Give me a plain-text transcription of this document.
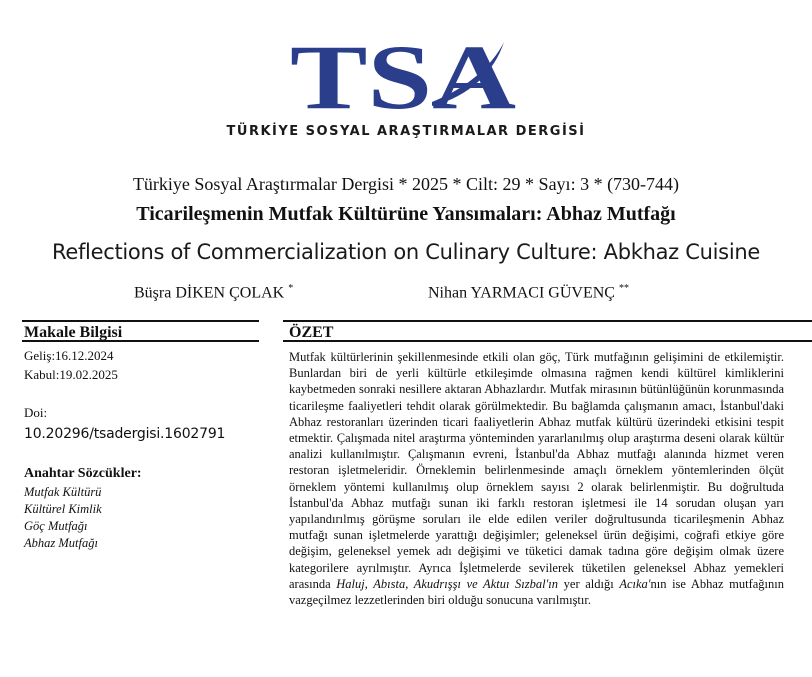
TSA
TÜRKİYE SOSYAL ARAŞTIRMALAR DERGİSİ
Türkiye Sosyal Araştırmalar Dergisi * 2025 * Cilt: 29 * Sayı: 3 * (730-744)
Ticarileşmenin Mutfak Kültürüne Yansımaları: Abhaz Mutfağı
Reflections of Commercialization on Culinary Culture: Abkhaz Cuisine
Büşra DİKEN ÇOLAK *	Nihan YARMACI GÜVENÇ **
Makale Bilgisi	ÖZET
Geliş:16.12.2024
Kabul:19.02.2025
Doi:
10.20296/tsadergisi.1602791
Anahtar Sözcükler:
Mutfak Kültürü
Kültürel Kimlik
Göç Mutfağı
Abhaz Mutfağı

Mutfak kültürlerinin şekillenmesinde etkili olan göç, Türk mutfağının gelişimini de etkilemiştir. Bunlardan biri de yerli kültürle etkileşimde olmasına rağmen kendi kültürel kimliklerini kaybetmeden sonraki nesillere aktaran Abhazlardır. Mutfak mirasının bütünlüğünün korunmasında ticarileşme faaliyetleri tehdit olarak görülmektedir. Bu bağlamda çalışmanın amacı, İstanbul'daki Abhaz restoranları üzerinden ticari faaliyetlerin Abhaz mutfak kültürü üzerindeki etkisini tespit etmektir. Çalışmada nitel araştırma yönteminden yararlanılmış olup araştırma deseni olarak kültür analizi kullanılmıştır. Çalışmanın evreni, İstanbul'da Abhaz mutfağı alanında hizmet veren restoran işletmeleridir. Örneklemin belirlenmesinde amaçlı örneklem yöntemlerinden ölçüt örneklem yöntemi kullanılmış olup örneklem sayısı 2 olarak belirlenmiştir. Bu doğrultuda İstanbul'da Abhaz mutfağı sunan iki farklı restoran işletmesi ile 14 sorudan oluşan yarı yapılandırılmış görüşme soruları ile elde edilen veriler doğrultusunda ticarileşmenin Abhaz mutfağı sunan işletmelerde yarattığı değişimler; geleneksel ürün değişimi, coğrafi etkiye göre değişim, geleneksel yemek adı değişimi ve tüketici damak tadına göre değişim olmak üzere kategorilere ayrılmıştır. Ayrıca İşletmelerde sevilerek tüketilen geleneksel Abhaz yemekleri arasında Haluj, Abısta, Akudrışşı ve Aktuı Sızbal'ın yer aldığı Acıka'nın ise Abhaz mutfağının vazgeçilmez lezzetlerinden biri olduğu sonucuna varılmıştır.
